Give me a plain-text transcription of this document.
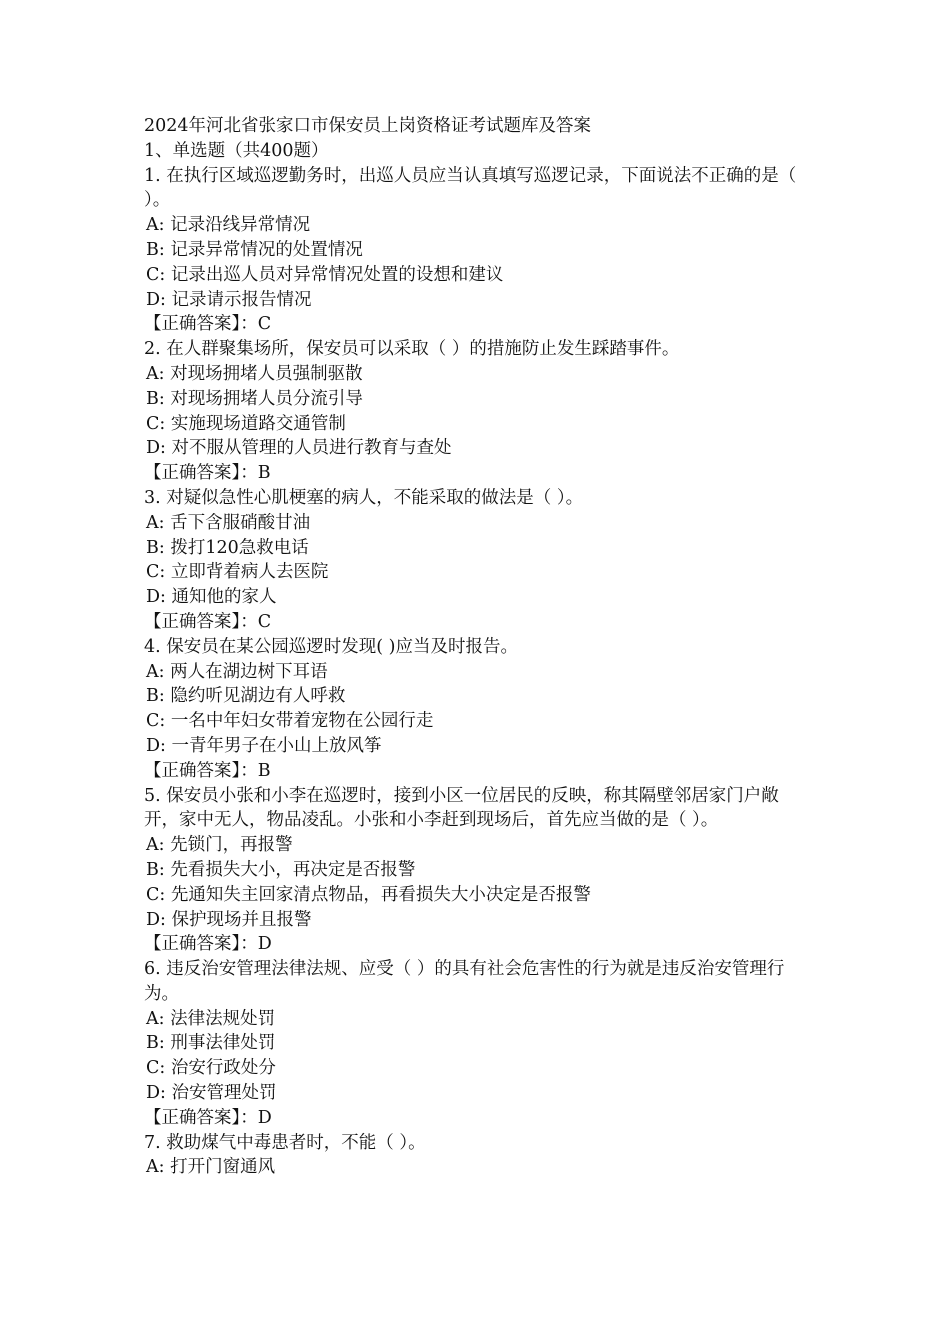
2024年河北省张家口市保安员上岗资格证考试题库及答案
1、单选题（共400题）
1. 在执行区域巡逻勤务时，出巡人员应当认真填写巡逻记录，下面说法不正确的是（ ）。
A: 记录沿线异常情况
B: 记录异常情况的处置情况
C: 记录出巡人员对异常情况处置的设想和建议
D: 记录请示报告情况
【正确答案】：C
2. 在人群聚集场所，保安员可以采取（ ）的措施防止发生踩踏事件。
A: 对现场拥堵人员强制驱散
B: 对现场拥堵人员分流引导
C: 实施现场道路交通管制
D: 对不服从管理的人员进行教育与查处
【正确答案】：B
3. 对疑似急性心肌梗塞的病人，不能采取的做法是（ ）。
A: 舌下含服硝酸甘油
B: 拨打120急救电话
C: 立即背着病人去医院
D: 通知他的家人
【正确答案】：C
4. 保安员在某公园巡逻时发现( )应当及时报告。
A: 两人在湖边树下耳语
B: 隐约听见湖边有人呼救
C: 一名中年妇女带着宠物在公园行走
D: 一青年男子在小山上放风筝
【正确答案】：B
5. 保安员小张和小李在巡逻时，接到小区一位居民的反映，称其隔壁邻居家门户敞开，家中无人，物品凌乱。小张和小李赶到现场后，首先应当做的是（ ）。
A: 先锁门，再报警
B: 先看损失大小，再决定是否报警
C: 先通知失主回家清点物品，再看损失大小决定是否报警
D: 保护现场并且报警
【正确答案】：D
6. 违反治安管理法律法规、应受（ ）的具有社会危害性的行为就是违反治安管理行为。
A: 法律法规处罚
B: 刑事法律处罚
C: 治安行政处分
D: 治安管理处罚
【正确答案】：D
7. 救助煤气中毒患者时，不能（ ）。
A: 打开门窗通风
